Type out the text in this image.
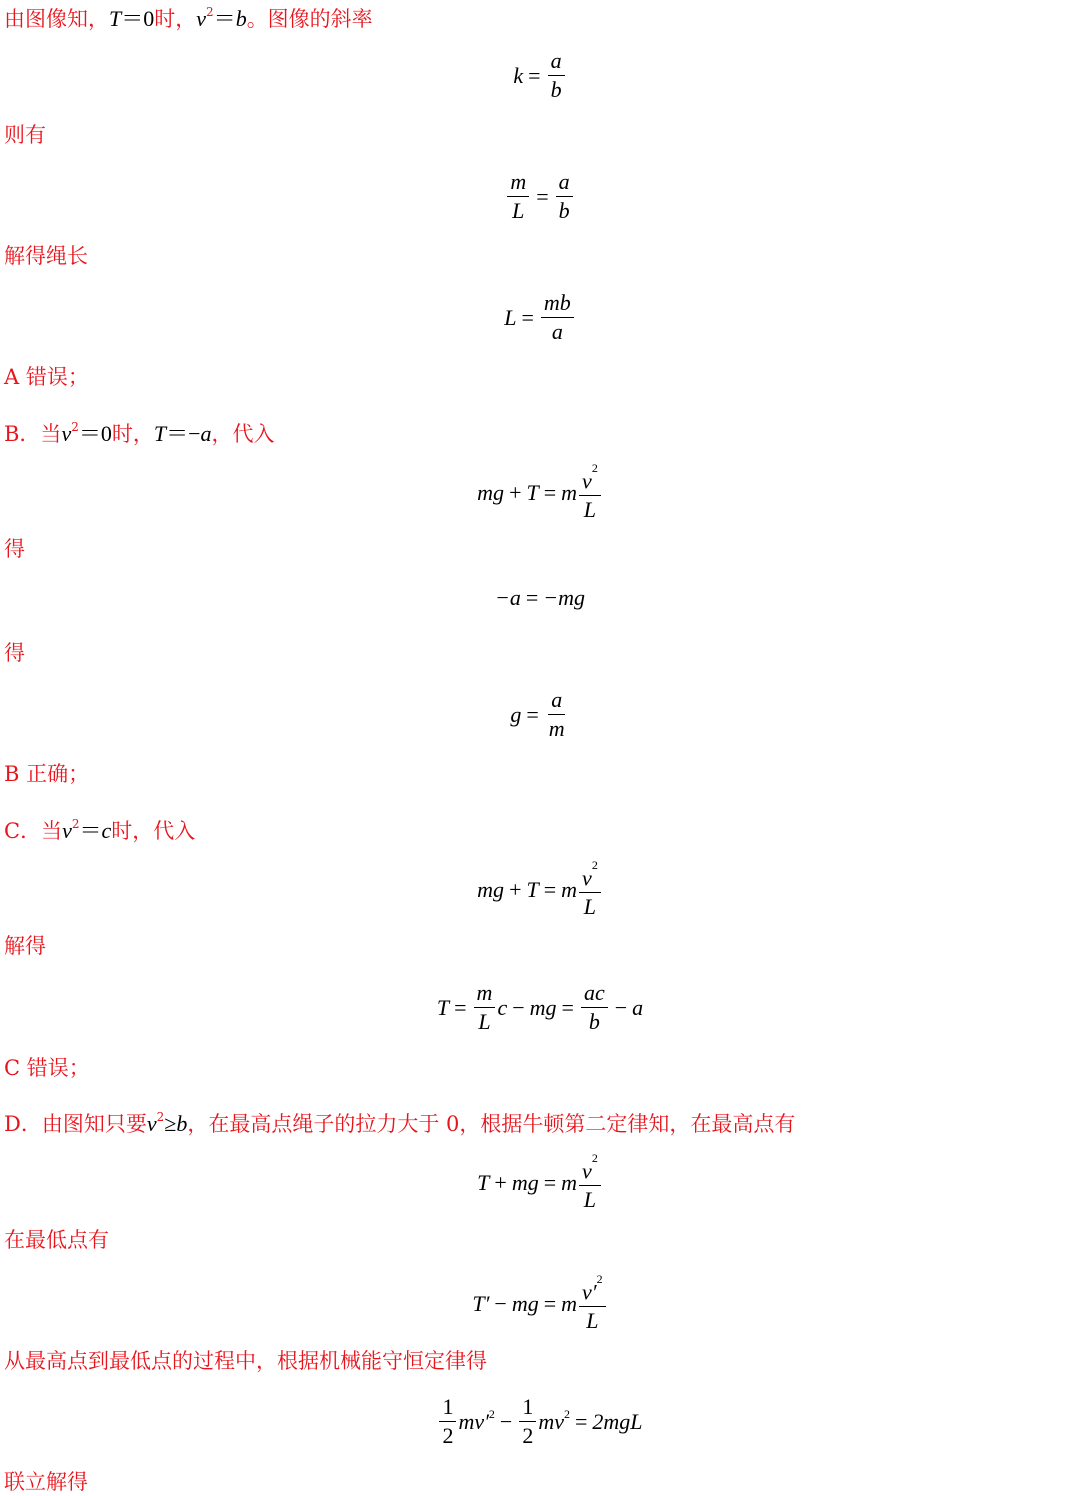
由图像知，T＝0时，$v^2=b$。图像的斜率
$k = \frac{a}{b}$
则有
$\frac{m}{L} = \frac{a}{b}$
解得绳长
$L = \frac{mb}{a}$
A 错误；
B．当$v^2=0$时，T＝−a，代入
mg + T = m $\frac{v^2}{L}$
得
−a = −mg
得
$g = \frac{a}{m}$
B 正确；
C．当$v^2=c$时，代入
mg + T = m $\frac{v^2}{L}$
解得
$T = \frac{m}{L}$ c − mg = $\frac{ac}{b} - a$
C 错误；
D．由图知只要$v^2\ge b$，在最高点绳子的拉力大于 0，根据牛顿第二定律知，在最高点有
T + mg = m $\frac{v^2}{L}$
在最低点有
T′ − mg = m $\frac{v'^2}{L}$
从最高点到最低点的过程中，根据机械能守恒定律得
$\frac{1}{2} mv'^2 - \frac{1}{2} mv^2 = 2mgL$
联立解得
